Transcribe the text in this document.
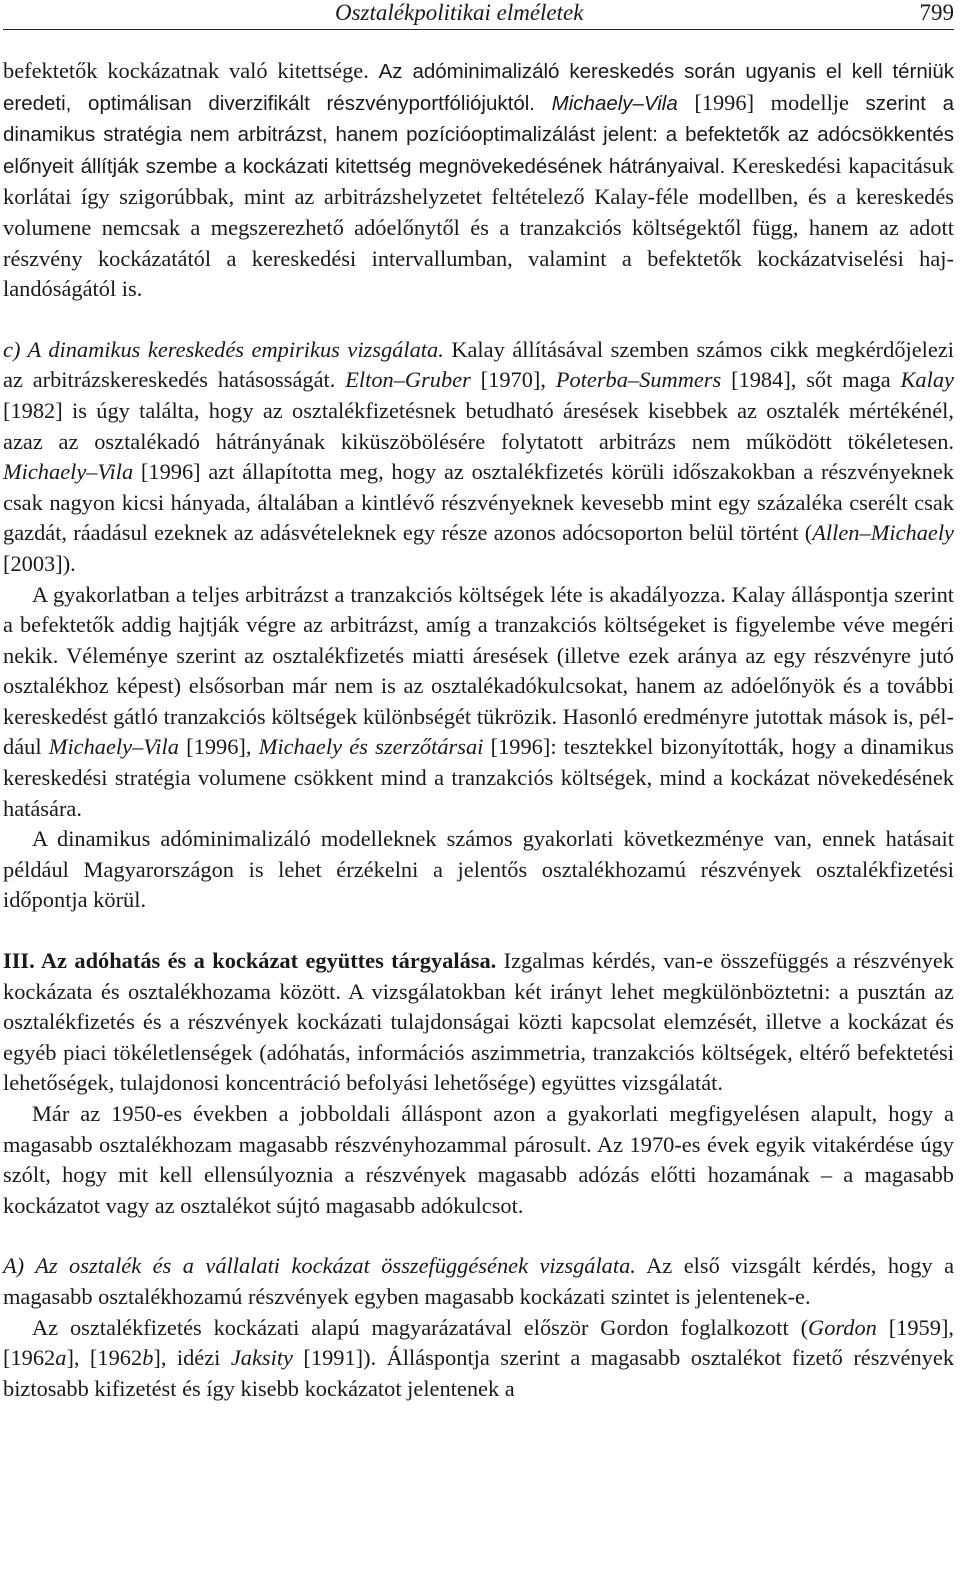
Osztalékpolitikai elméletek	799

befektetők kockázatnak való kitettsége. Az adóminimalizáló kereskedés során ugyanis el kell térniük eredeti, optimálisan diverzifikált részvényportfóliójuktól. Michaely–Vila [1996] modellje szerint a dinamikus stratégia nem arbitrázst, hanem pozícióoptimalizálást jelent: a befektetők az adócsökkentés előnyeit állítják szembe a kockázati kitettség megnövekedésének hátrányaival. Kereskedési kapacitásuk korlátai így szigorúbbak, mint az arbitrázshelyzetet feltételező Kalay-féle modellben, és a kereskedés volumene nemcsak a megszerezhető adóelőnytől és a tranzakciós költségektől függ, hanem az adott részvény kockázatától a kereskedési intervallumban, valamint a befektetők kockázatviselési hajlandóságától is.

c) A dinamikus kereskedés empirikus vizsgálata. Kalay állításával szemben számos cikk megkérdőjelezi az arbitrázskereskedés hatásosságát. Elton–Gruber [1970], Poterba–Summers [1984], sőt maga Kalay [1982] is úgy találta, hogy az osztalékfizetésnek betudható áresések kisebbek az osztalék mértékénél, azaz az osztalékadó hátrányának kiküszöbölésére folytatott arbitrázs nem működött tökéletesen. Michaely–Vila [1996] azt állapította meg, hogy az osztalékfizetés körüli időszakokban a részvényeknek csak nagyon kicsi hányada, általában a kintlévő részvényeknek kevesebb mint egy százaléka cserélt csak gazdát, ráadásul ezeknek az adásvételeknek egy része azonos adócsoporton belül történt (Allen–Michaely [2003]).

A gyakorlatban a teljes arbitrázst a tranzakciós költségek léte is akadályozza. Kalay álláspontja szerint a befektetők addig hajtják végre az arbitrázst, amíg a tranzakciós költségeket is figyelembe véve megéri nekik. Véleménye szerint az osztalékfizetés miatti áresések (illetve ezek aránya az egy részvényre jutó osztalékhoz képest) elsősorban már nem is az osztalékadókulcsokat, hanem az adóelőnyök és a további kereskedést gátló tranzakciós költségek különbségét tükrözik. Hasonló eredményre jutottak mások is, például Michaely–Vila [1996], Michaely és szerzőtársai [1996]: tesztekkel bizonyították, hogy a dinamikus kereskedési stratégia volumene csökkent mind a tranzakciós költségek, mind a kockázat növekedésének hatására.

A dinamikus adóminimalizáló modelleknek számos gyakorlati következménye van, ennek hatásait például Magyarországon is lehet érzékelni a jelentős osztalékhozamú részvények osztalékfizetési időpontja körül.

III. Az adóhatás és a kockázat együttes tárgyalása. Izgalmas kérdés, van-e összefüggés a részvények kockázata és osztalékhozama között. A vizsgálatokban két irányt lehet megkülönböztetni: a pusztán az osztalékfizetés és a részvények kockázati tulajdonságai közti kapcsolat elemzését, illetve a kockázat és egyéb piaci tökéletlenségek (adóhatás, információs aszimmetria, tranzakciós költségek, eltérő befektetési lehetőségek, tulajdonosi koncentráció befolyási lehetősége) együttes vizsgálatát.

Már az 1950-es években a jobboldali álláspont azon a gyakorlati megfigyelésen alapult, hogy a magasabb osztalékhozam magasabb részvényhozammal párosult. Az 1970-es évek egyik vitakérdése úgy szólt, hogy mit kell ellensúlyoznia a részvények magasabb adózás előtti hozamának – a magasabb kockázatot vagy az osztalékot sújtó magasabb adókulcsot.

A) Az osztalék és a vállalati kockázat összefüggésének vizsgálata. Az első vizsgált kérdés, hogy a magasabb osztalékhozamú részvények egyben magasabb kockázati szintet is jelentenek-e.

Az osztalékfizetés kockázati alapú magyarázatával először Gordon foglalkozott (Gordon [1959], [1962a], [1962b], idézi Jaksity [1991]). Álláspontja szerint a magasabb osztalékot fizető részvények biztosabb kifizetést és így kisebb kockázatot jelentenek a
